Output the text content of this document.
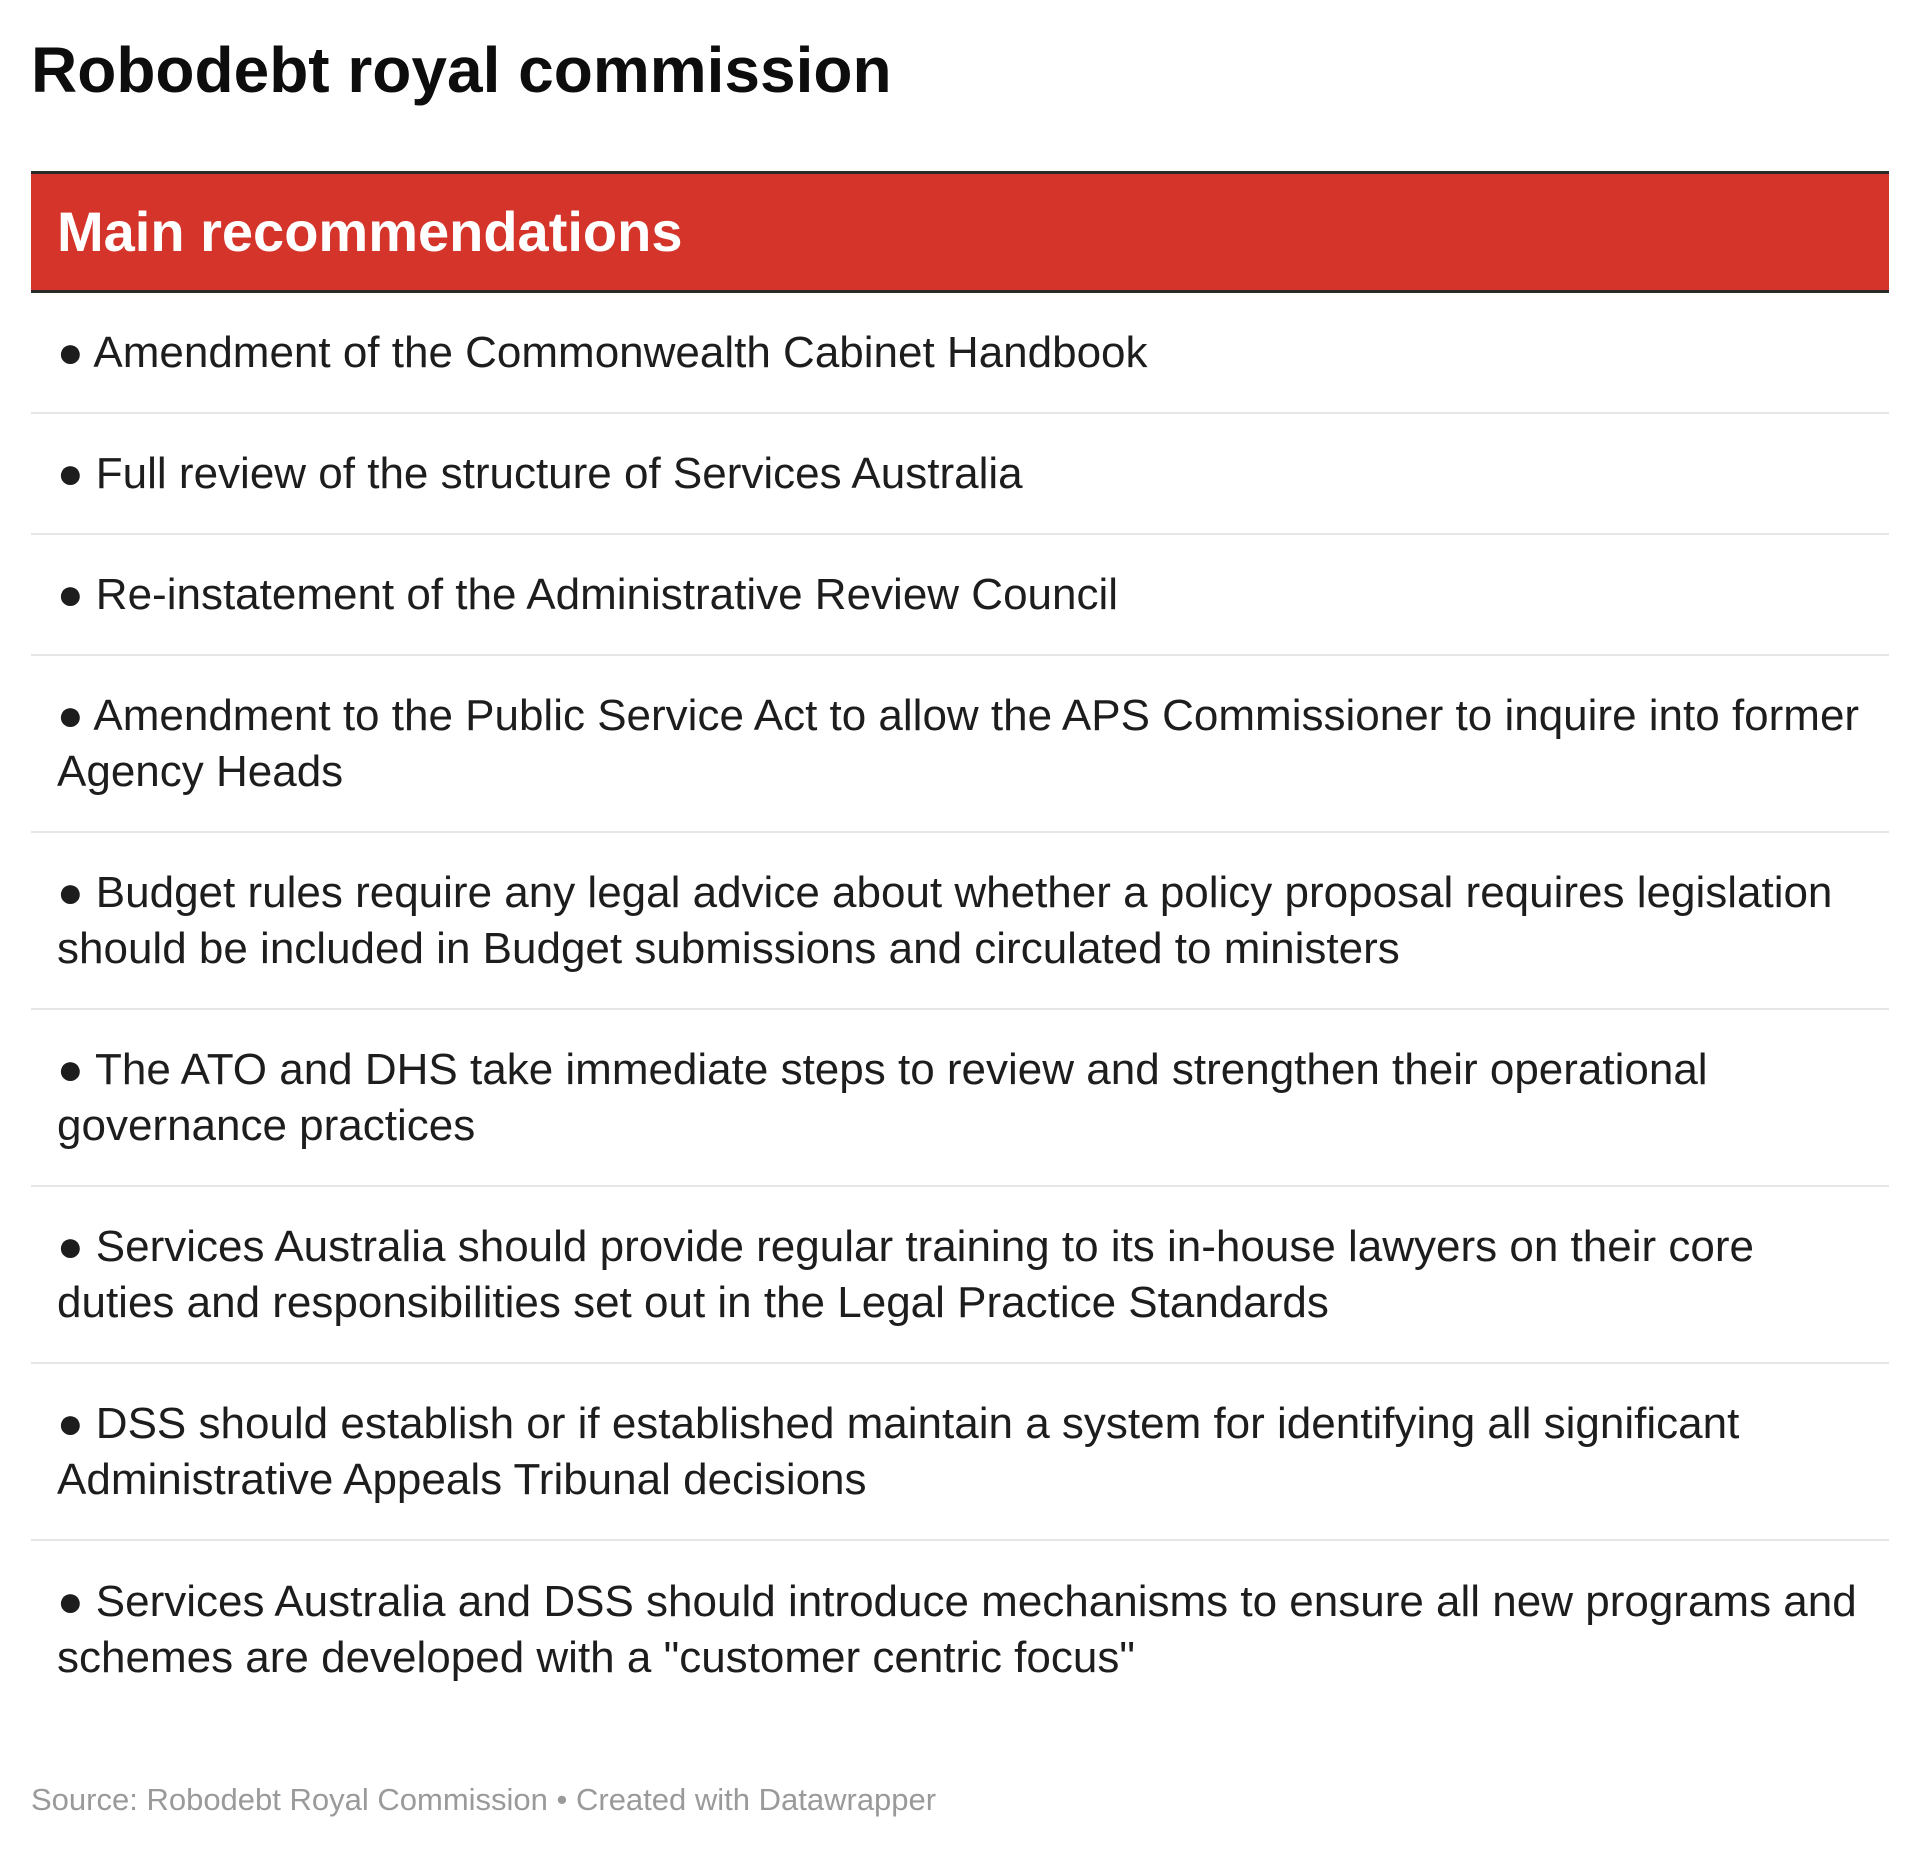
Robodebt royal commission
Main recommendations
● Amendment of the Commonwealth Cabinet Handbook
● Full review of the structure of Services Australia
● Re-instatement of the Administrative Review Council
● Amendment to the Public Service Act to allow the APS Commissioner to inquire into former Agency Heads
● Budget rules require any legal advice about whether a policy proposal requires legislation should be included in Budget submissions and circulated to ministers
● The ATO and DHS take immediate steps to review and strengthen their operational governance practices
● Services Australia should provide regular training to its in-house lawyers on their core duties and responsibilities set out in the Legal Practice Standards
● DSS should establish or if established maintain a system for identifying all significant Administrative Appeals Tribunal decisions
● Services Australia and DSS should introduce mechanisms to ensure all new programs and schemes are developed with a "customer centric focus"
Source: Robodebt Royal Commission • Created with Datawrapper
